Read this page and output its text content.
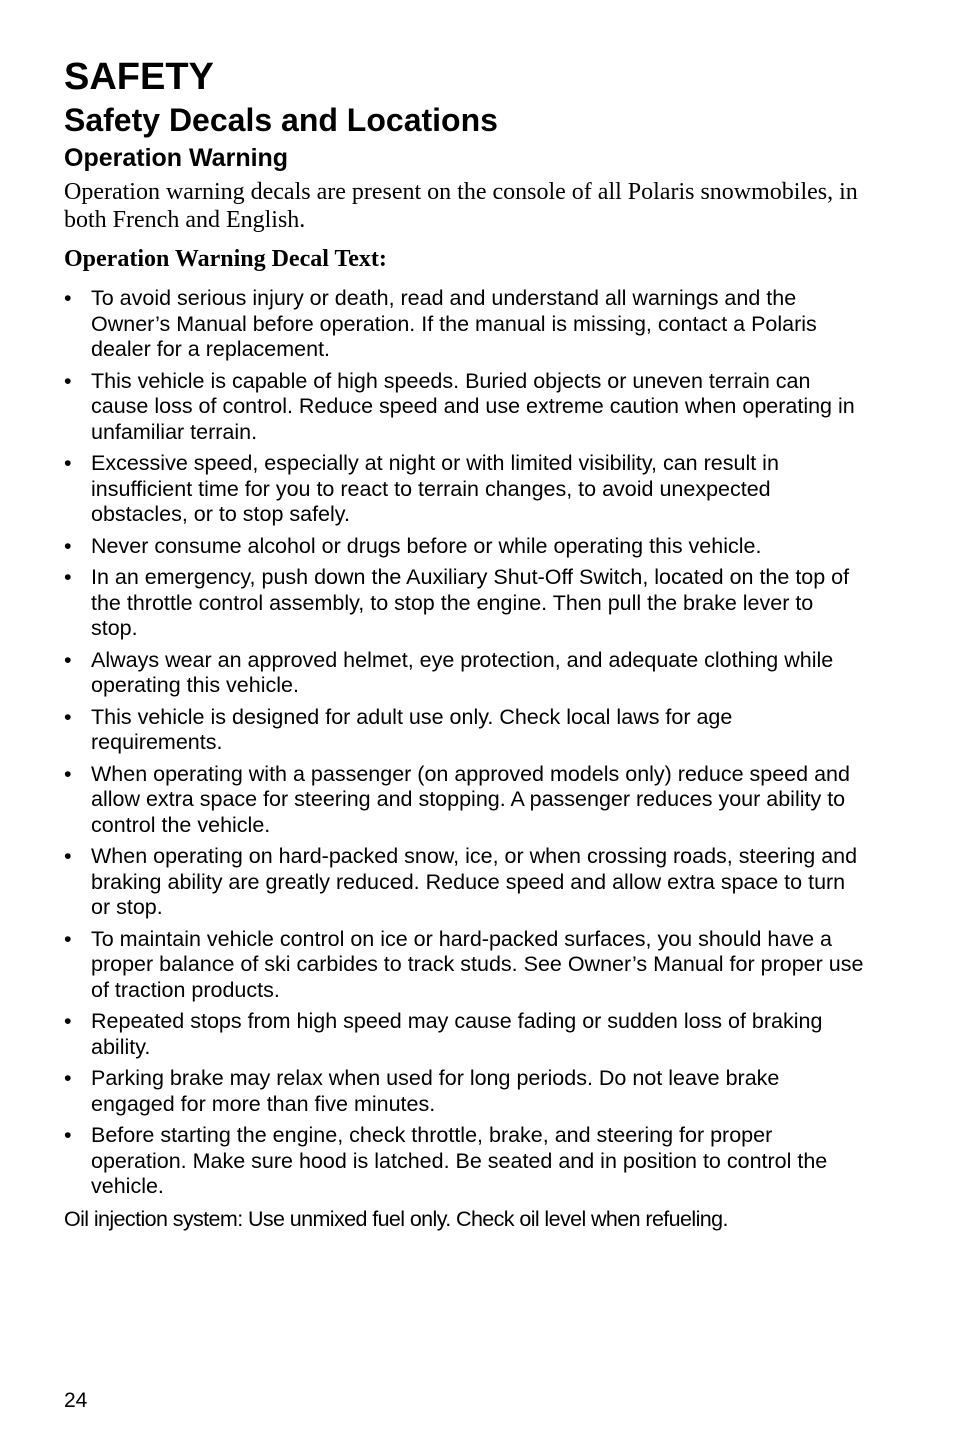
SAFETY
Safety Decals and Locations
Operation Warning

Operation warning decals are present on the console of all Polaris snowmobiles, in both French and English.

Operation Warning Decal Text:

• To avoid serious injury or death, read and understand all warnings and the Owner’s Manual before operation. If the manual is missing, contact a Polaris dealer for a replacement.
• This vehicle is capable of high speeds. Buried objects or uneven terrain can cause loss of control. Reduce speed and use extreme caution when operating in unfamiliar terrain.
• Excessive speed, especially at night or with limited visibility, can result in insufficient time for you to react to terrain changes, to avoid unexpected obstacles, or to stop safely.
• Never consume alcohol or drugs before or while operating this vehicle.
• In an emergency, push down the Auxiliary Shut-Off Switch, located on the top of the throttle control assembly, to stop the engine. Then pull the brake lever to stop.
• Always wear an approved helmet, eye protection, and adequate clothing while operating this vehicle.
• This vehicle is designed for adult use only. Check local laws for age requirements.
• When operating with a passenger (on approved models only) reduce speed and allow extra space for steering and stopping. A passenger reduces your ability to control the vehicle.
• When operating on hard-packed snow, ice, or when crossing roads, steering and braking ability are greatly reduced. Reduce speed and allow extra space to turn or stop.
• To maintain vehicle control on ice or hard-packed surfaces, you should have a proper balance of ski carbides to track studs. See Owner’s Manual for proper use of traction products.
• Repeated stops from high speed may cause fading or sudden loss of braking ability.
• Parking brake may relax when used for long periods. Do not leave brake engaged for more than five minutes.
• Before starting the engine, check throttle, brake, and steering for proper operation. Make sure hood is latched. Be seated and in position to control the vehicle.

Oil injection system: Use unmixed fuel only. Check oil level when refueling.

24
